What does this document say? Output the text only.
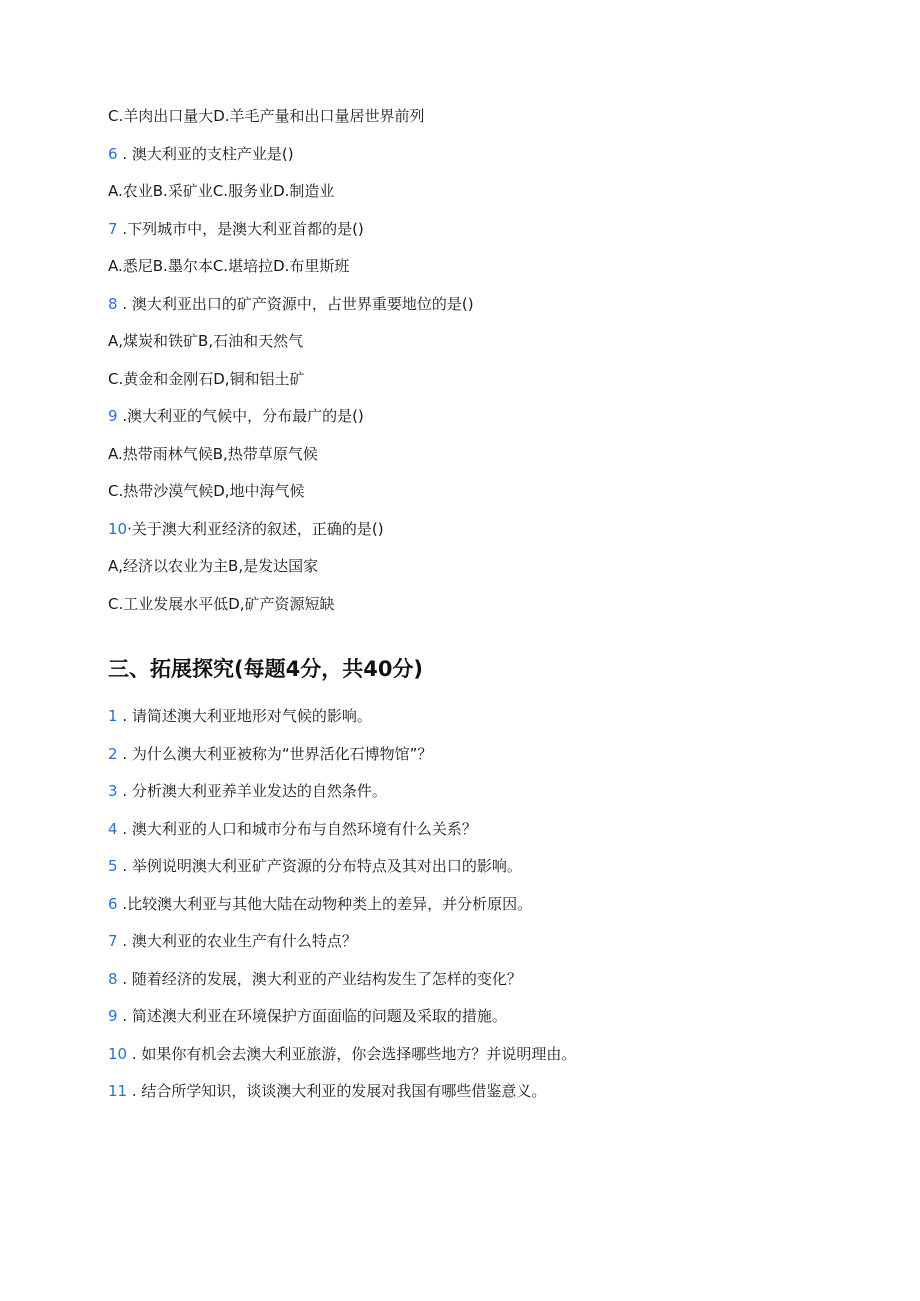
C.羊肉出口量大D.羊毛产量和出口量居世界前列
6 . 澳大利亚的支柱产业是()
A.农业B.采矿业C.服务业D.制造业
7 .下列城市中，是澳大利亚首都的是()
A.悉尼B.墨尔本C.堪培拉D.布里斯班
8 . 澳大利亚出口的矿产资源中，占世界重要地位的是()
A,煤炭和铁矿B,石油和天然气
C.黄金和金刚石D,铜和铝土矿
9 .澳大利亚的气候中，分布最广的是()
A.热带雨林气候B,热带草原气候
C.热带沙漠气候D,地中海气候
10·关于澳大利亚经济的叙述，正确的是()
A,经济以农业为主B,是发达国家
C.工业发展水平低D,矿产资源短缺
三、拓展探究(每题4分，共40分)
1 . 请简述澳大利亚地形对气候的影响。
2 . 为什么澳大利亚被称为“世界活化石博物馆”？
3 . 分析澳大利亚养羊业发达的自然条件。
4 . 澳大利亚的人口和城市分布与自然环境有什么关系？
5 . 举例说明澳大利亚矿产资源的分布特点及其对出口的影响。
6 .比较澳大利亚与其他大陆在动物种类上的差异，并分析原因。
7 . 澳大利亚的农业生产有什么特点？
8 . 随着经济的发展，澳大利亚的产业结构发生了怎样的变化？
9 . 简述澳大利亚在环境保护方面面临的问题及采取的措施。
10 . 如果你有机会去澳大利亚旅游，你会选择哪些地方？并说明理由。
11 . 结合所学知识，谈谈澳大利亚的发展对我国有哪些借鉴意义。
